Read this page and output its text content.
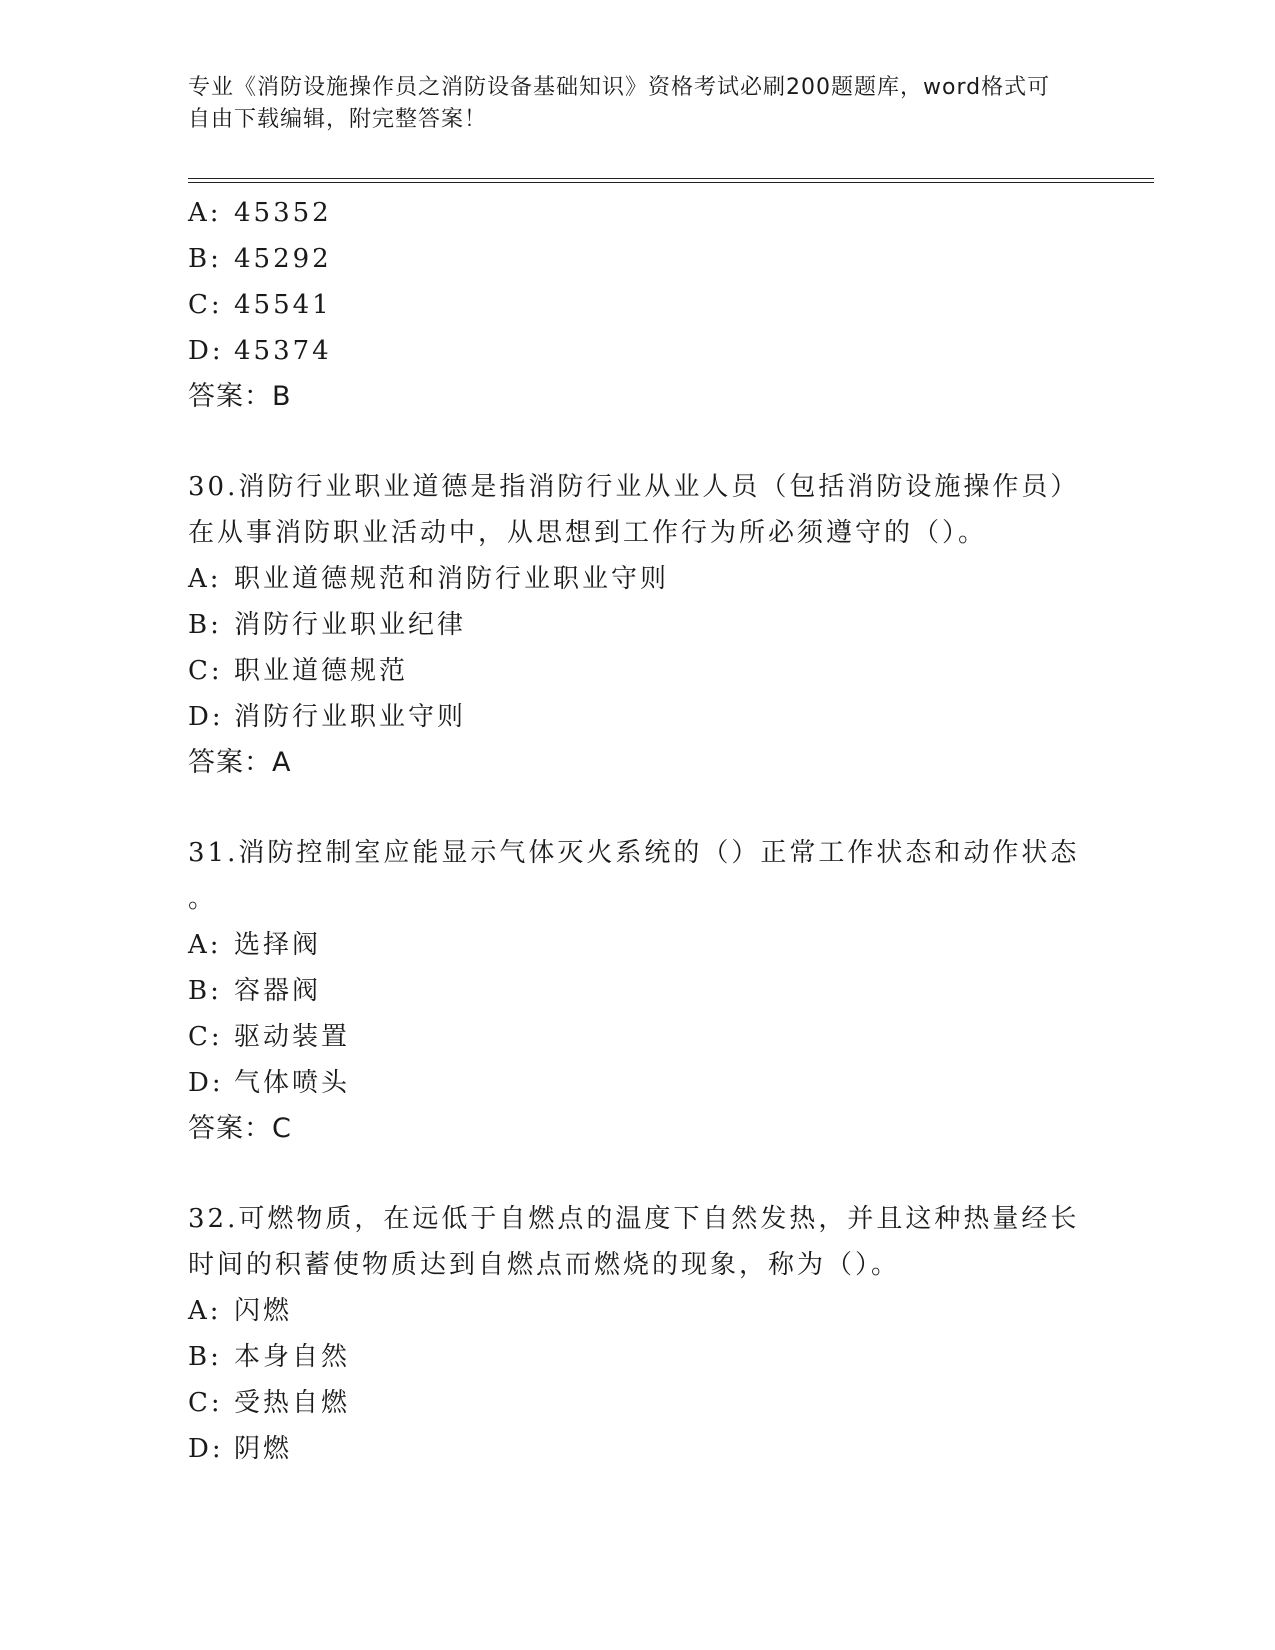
专业《消防设施操作员之消防设备基础知识》资格考试必刷200题题库，word格式可自由下载编辑，附完整答案！
A: 45352
B: 45292
C: 45541
D: 45374
答案：B
30.消防行业职业道德是指消防行业从业人员（包括消防设施操作员）
在从事消防职业活动中，从思想到工作行为所必须遵守的（）。
A: 职业道德规范和消防行业职业守则
B: 消防行业职业纪律
C: 职业道德规范
D: 消防行业职业守则
答案：A
31.消防控制室应能显示气体灭火系统的（）正常工作状态和动作状态
。
A: 选择阀
B: 容器阀
C: 驱动装置
D: 气体喷头
答案：C
32.可燃物质，在远低于自燃点的温度下自然发热，并且这种热量经长
时间的积蓄使物质达到自燃点而燃烧的现象，称为（）。
A: 闪燃
B: 本身自然
C: 受热自燃
D: 阴燃
